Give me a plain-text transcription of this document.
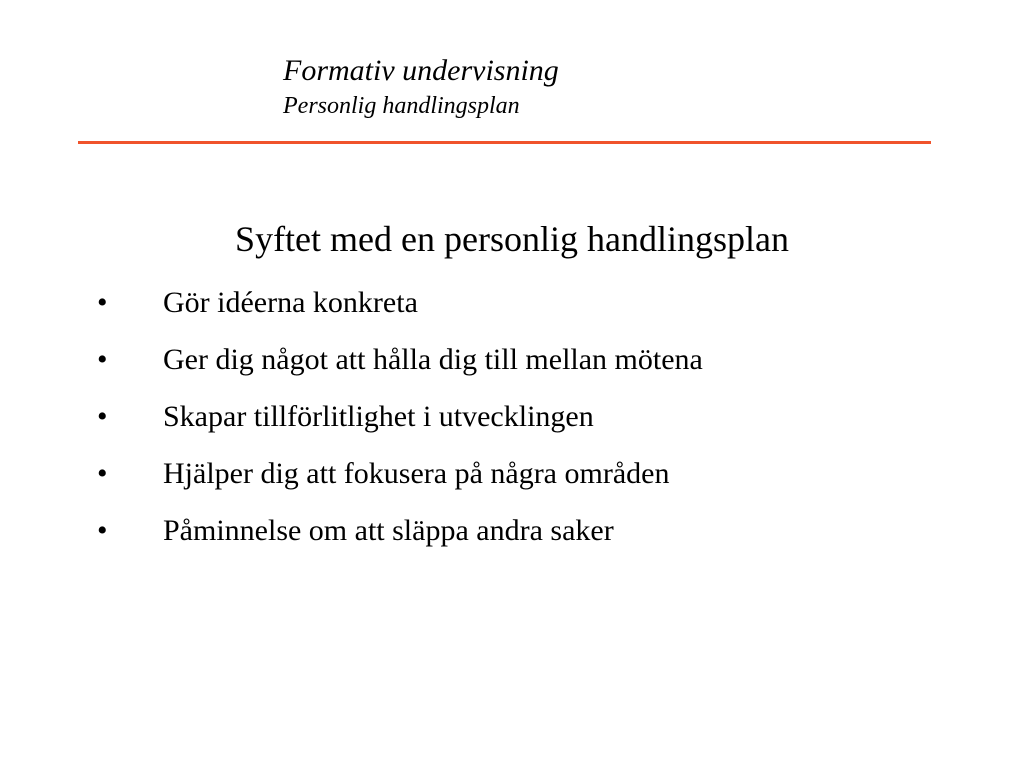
Formativ undervisning
Personlig handlingsplan
Syftet med en personlig handlingsplan
• Gör idéerna konkreta
• Ger dig något att hålla dig till mellan mötena
• Skapar tillförlitlighet i utvecklingen
• Hjälper dig att fokusera på några områden
• Påminnelse om att släppa andra saker
